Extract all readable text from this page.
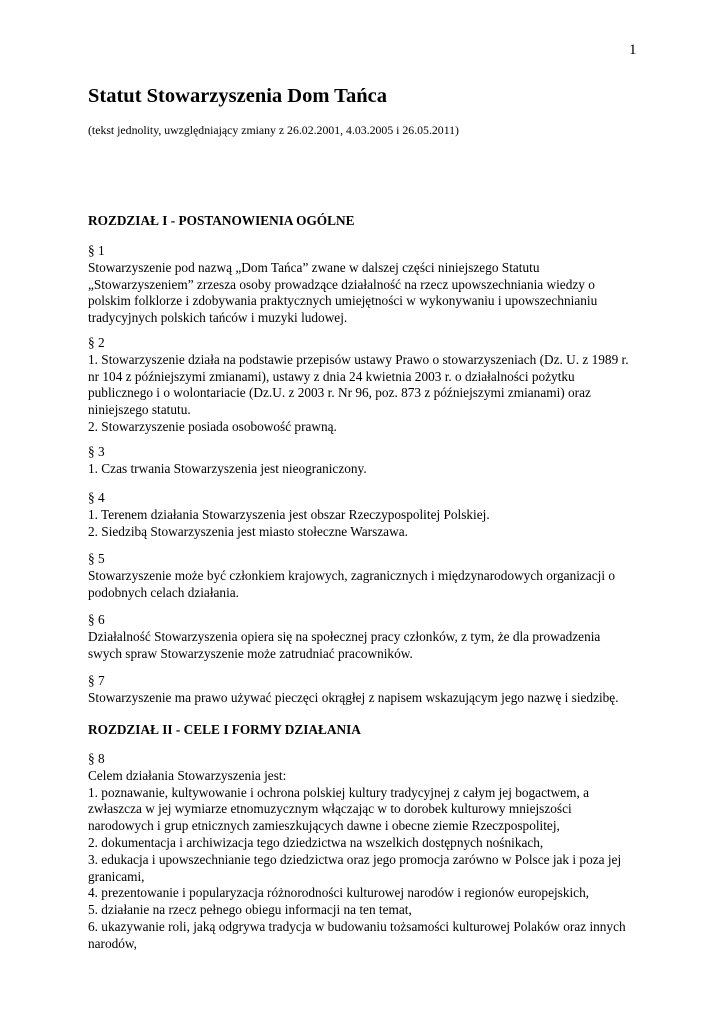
1
Statut Stowarzyszenia Dom Tańca
(tekst jednolity, uwzględniający zmiany z 26.02.2001, 4.03.2005 i 26.05.2011)
ROZDZIAŁ I - POSTANOWIENIA OGÓLNE
§ 1
Stowarzyszenie pod nazwą „Dom Tańca” zwane w dalszej części niniejszego Statutu
„Stowarzyszeniem” zrzesza osoby prowadzące działalność na rzecz upowszechniania wiedzy o
polskim folklorze i zdobywania praktycznych umiejętności w wykonywaniu i upowszechnianiu
tradycyjnych polskich tańców i muzyki ludowej.
§ 2
1. Stowarzyszenie działa na podstawie przepisów ustawy Prawo o stowarzyszeniach (Dz. U. z 1989 r.
nr 104 z późniejszymi zmianami), ustawy z dnia 24 kwietnia 2003 r. o działalności pożytku
publicznego i o wolontariacie (Dz.U. z 2003 r. Nr 96, poz. 873 z późniejszymi zmianami) oraz
niniejszego statutu.
2. Stowarzyszenie posiada osobowość prawną.
§ 3
1. Czas trwania Stowarzyszenia jest nieograniczony.
§ 4
1. Terenem działania Stowarzyszenia jest obszar Rzeczypospolitej Polskiej.
2. Siedzibą Stowarzyszenia jest miasto stołeczne Warszawa.
§ 5
Stowarzyszenie może być członkiem krajowych, zagranicznych i międzynarodowych organizacji o
podobnych celach działania.
§ 6
Działalność Stowarzyszenia opiera się na społecznej pracy członków, z tym, że dla prowadzenia
swych spraw Stowarzyszenie może zatrudniać pracowników.
§ 7
Stowarzyszenie ma prawo używać pieczęci okrągłej z napisem wskazującym jego nazwę i siedzibę.
ROZDZIAŁ II - CELE I FORMY DZIAŁANIA
§ 8
Celem działania Stowarzyszenia jest:
1. poznawanie, kultywowanie i ochrona polskiej kultury tradycyjnej z całym jej bogactwem, a
zwłaszcza w jej wymiarze etnomuzycznym włączając w to dorobek kulturowy mniejszości
narodowych i grup etnicznych zamieszkujących dawne i obecne ziemie Rzeczpospolitej,
2. dokumentacja i archiwizacja tego dziedzictwa na wszelkich dostępnych nośnikach,
3. edukacja i upowszechnianie tego dziedzictwa oraz jego promocja zarówno w Polsce jak i poza jej
granicami,
4. prezentowanie i popularyzacja różnorodności kulturowej narodów i regionów europejskich,
5. działanie na rzecz pełnego obiegu informacji na ten temat,
6. ukazywanie roli, jaką odgrywa tradycja w budowaniu tożsamości kulturowej Polaków oraz innych
narodów,
